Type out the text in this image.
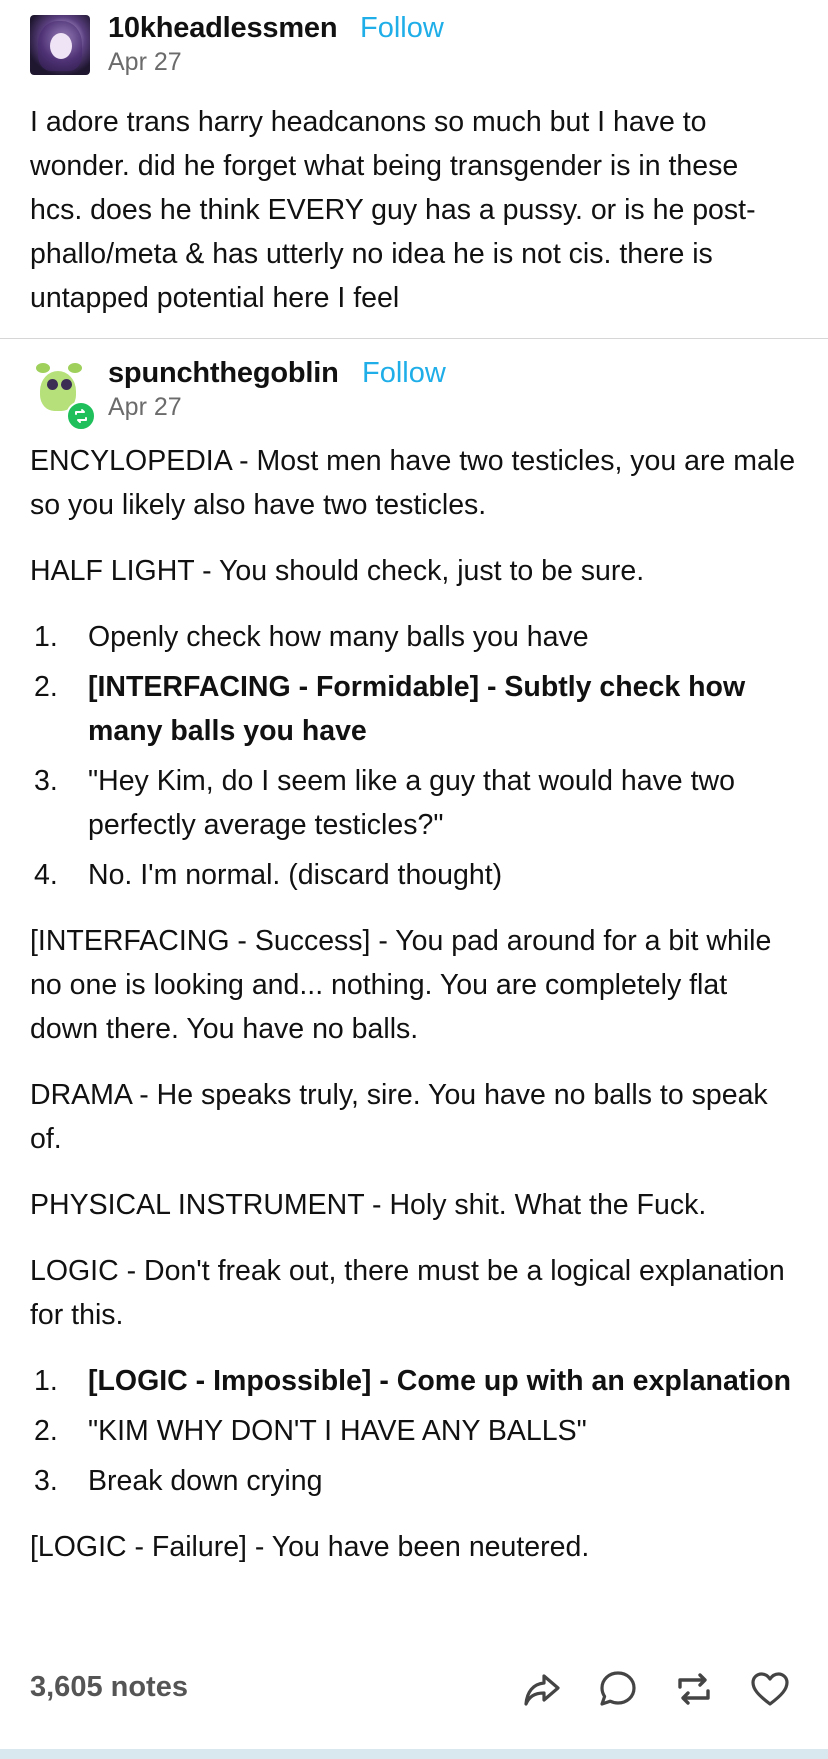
10kheadlessmen Follow
Apr 27

I adore trans harry headcanons so much but I have to wonder. did he forget what being transgender is in these hcs. does he think EVERY guy has a pussy. or is he post-phallo/meta & has utterly no idea he is not cis. there is untapped potential here I feel

spunchthegoblin Follow
Apr 27

ENCYLOPEDIA - Most men have two testicles, you are male so you likely also have two testicles.

HALF LIGHT - You should check, just to be sure.

1. Openly check how many balls you have
2. [INTERFACING - Formidable] - Subtly check how many balls you have
3. "Hey Kim, do I seem like a guy that would have two perfectly average testicles?"
4. No. I'm normal. (discard thought)

[INTERFACING - Success] - You pad around for a bit while no one is looking and... nothing. You are completely flat down there. You have no balls.

DRAMA - He speaks truly, sire. You have no balls to speak of.

PHYSICAL INSTRUMENT - Holy shit. What the Fuck.

LOGIC - Don't freak out, there must be a logical explanation for this.

1. [LOGIC - Impossible] - Come up with an explanation
2. "KIM WHY DON'T I HAVE ANY BALLS"
3. Break down crying

[LOGIC - Failure] - You have been neutered.

3,605 notes
